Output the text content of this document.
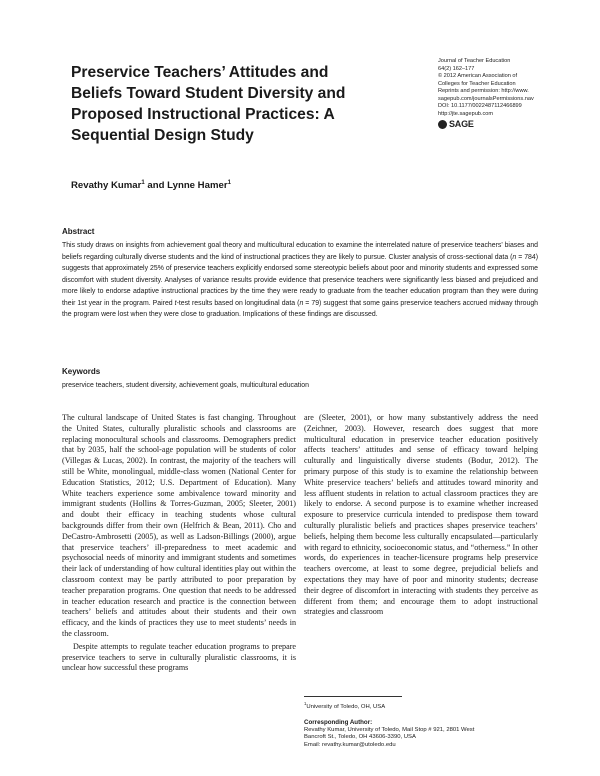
Preservice Teachers’ Attitudes and Beliefs Toward Student Diversity and Proposed Instructional Practices: A Sequential Design Study
Journal of Teacher Education
64(2) 162–177
© 2012 American Association of
Colleges for Teacher Education
Reprints and permission: http://www.
sagepub.com/journalsPermissions.nav
DOI: 10.1177/0022487112466899
http://jte.sagepub.com
SAGE
Revathy Kumar$^1$ and Lynne Hamer$^1$
Abstract

This study draws on insights from achievement goal theory and multicultural education to examine the interrelated nature of preservice teachers’ biases and beliefs regarding culturally diverse students and the kind of instructional practices they are likely to pursue. Cluster analysis of cross-sectional data (n = 784) suggests that approximately 25% of preservice teachers explicitly endorsed some stereotypic beliefs about poor and minority students and expressed some discomfort with student diversity. Analyses of variance results provide evidence that preservice teachers were significantly less biased and prejudiced and more likely to endorse adaptive instructional practices by the time they were ready to graduate from the teacher education program than they were during their 1st year in the program. Paired t-test results based on longitudinal data (n = 79) suggest that some gains preservice teachers accrued midway through the program were lost when they were close to graduation. Implications of these findings are discussed.

Keywords

preservice teachers, student diversity, achievement goals, multicultural education

The cultural landscape of United States is fast changing. Throughout the United States, culturally pluralistic schools and classrooms are replacing monocultural schools and classrooms. Demographers predict that by 2035, half the school-age population will be students of color (Villegas & Lucas, 2002). In contrast, the majority of the teachers will still be White, monolingual, middle-class women (National Center for Education Statistics, 2012; U.S. Department of Education). Many White teachers experience some ambivalence toward minority and immigrant students (Hollins & Torres-Guzman, 2005; Sleeter, 2001) and doubt their efficacy in teaching students whose cultural backgrounds differ from their own (Helfrich & Bean, 2011). Cho and DeCastro-Ambrosetti (2005), as well as Ladson-Billings (2000), argue that preservice teachers’ ill-preparedness to meet academic and psychosocial needs of minority and immigrant students and sometimes their lack of understanding of how cultural identities play out within the classroom context may be partly attributed to poor preparation by teacher preparation programs. One question that needs to be addressed in teacher education research and practice is the connection between teachers’ beliefs and attitudes about their students and their own efficacy, and the kinds of practices they use to meet students’ needs in the classroom.

Despite attempts to regulate teacher education programs to prepare preservice teachers to serve in culturally pluralistic classrooms, it is unclear how successful these programs

are (Sleeter, 2001), or how many substantively address the need (Zeichner, 2003). However, research does suggest that more multicultural education in preservice teacher education positively affects teachers’ attitudes and sense of efficacy toward helping culturally and linguistically diverse students (Bodur, 2012). The primary purpose of this study is to examine the relationship between White preservice teachers’ beliefs and attitudes toward minority and less affluent students in relation to actual classroom practices they are likely to endorse. A second purpose is to examine whether increased exposure to preservice curricula intended to predispose them toward culturally pluralistic beliefs and practices shapes preservice teachers’ beliefs, helping them become less culturally encapsulated—particularly with regard to ethnicity, socioeconomic status, and “otherness.” In other words, do experiences in teacher-licensure programs help preservice teachers overcome, at least to some degree, prejudicial beliefs and expectations they may have of poor and minority students; decrease their degree of discomfort in interacting with students they perceive as different from them; and encourage them to adopt instructional strategies and classroom

$^1$University of Toledo, OH, USA
Corresponding Author:
Revathy Kumar, University of Toledo, Mail Stop # 921, 2801 West
Bancroft St., Toledo, OH 43606-3390, USA
Email: revathy.kumar@utoledo.edu
